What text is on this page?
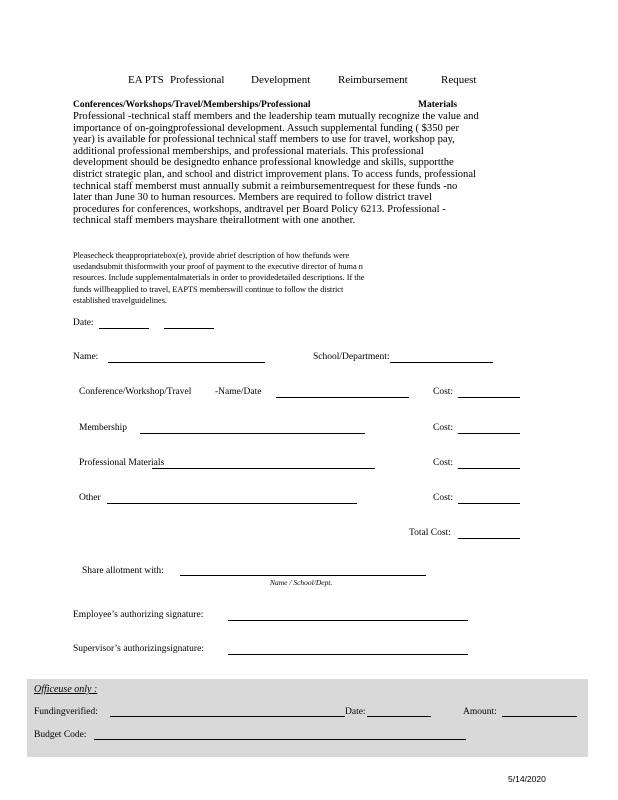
EA PTS Professional Development	Reimbursement	Request
Conferences/Workshops/Travel/Memberships/Professional	Materials
Professional -technical staff members and the leadership team mutually recognize the value and
importance of on-goingprofessional development. Assuch supplemental funding ( $350 per
year) is available for professional technical staff members to use for travel, workshop pay,
additional professional memberships, and professional materials. This professional
development should be designedto enhance professional knowledge and skills, supportthe
district strategic plan, and school and district improvement plans. To access funds, professional
technical staff memberst must annually submit a reimbursementrequest for these funds -no
later than June 30 to human resources. Members are required to follow district travel
procedures for conferences, workshops, andtravel per Board Policy 6213. Professional -
technical staff members mayshare theirallotment with one another.
Pleasecheck theappropriatebox(e), provide abrief description of how thefunds were
usedandsubmit thisformwith your proof of payment to the executive director of huma n
resources. Include supplementalmaterials in order to providedetailed descriptions. If the
funds willbeapplied to travel, EAPTS memberswill continue to follow the district
established travelguidelines.
Date:
Name:	School/Department:
Conference/Workshop/Travel -Name/Date	Cost:
Membership	Cost:
Professional Materials	Cost:
Other	Cost:
Total Cost:
Share allotment with:
Name / School/Dept.
Employee’s authorizing signature:
Supervisor’s authorizingsignature:
Officeuse only :
Fundingverified:	Date:	Amount:
Budget Code:
5/14/2020
